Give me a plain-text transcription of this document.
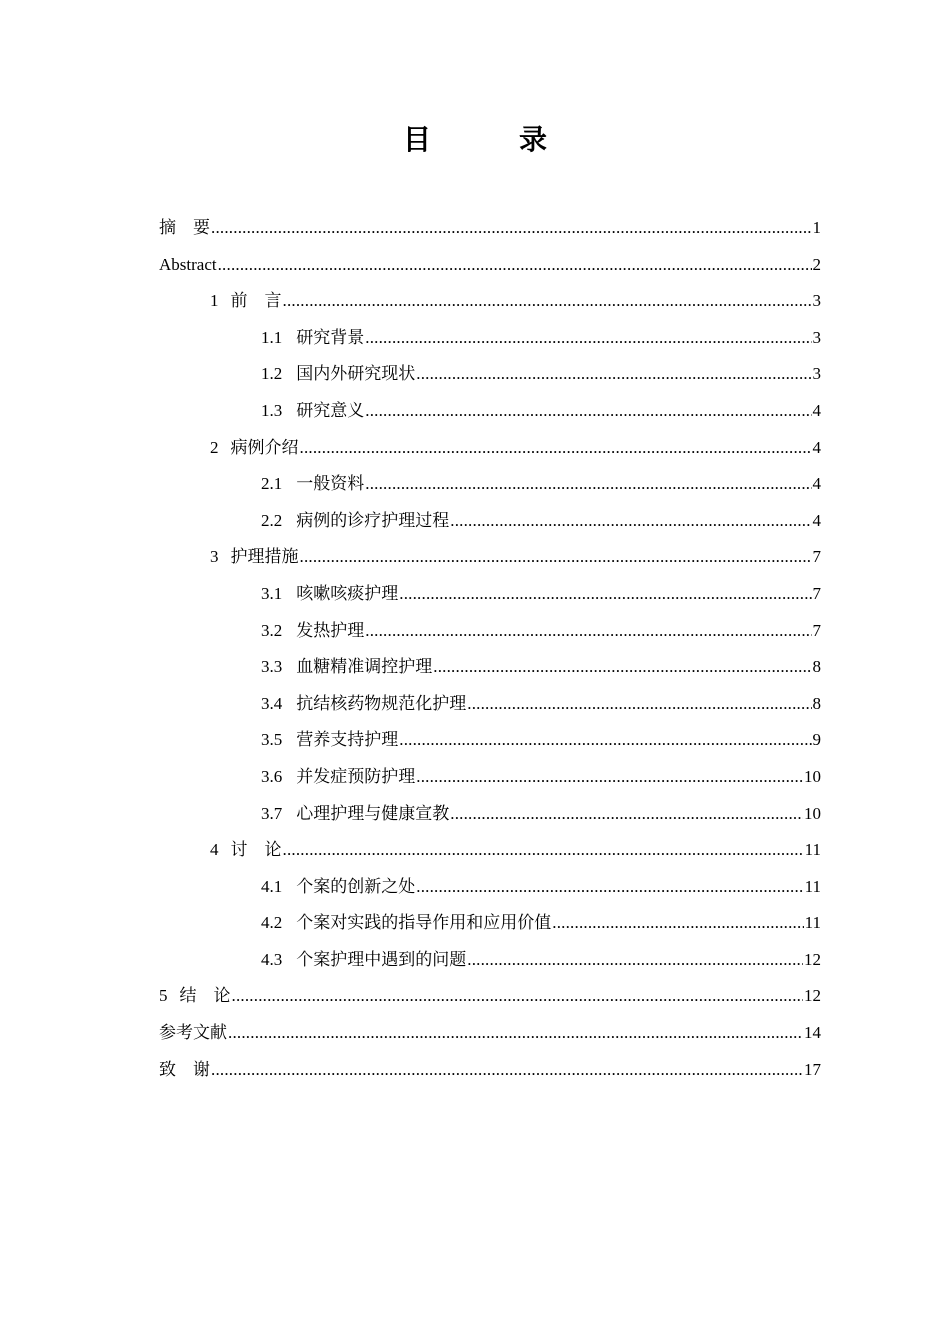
目　录
摘　要 .....	1
Abstract .....	2
1 前　言 .....	3
1.1 研究背景 .....	3
1.2 国内外研究现状 .....	3
1.3 研究意义 .....	4
2 病例介绍 .....	4
2.1 一般资料 .....	4
2.2 病例的诊疗护理过程 .....	4
3 护理措施 .....	7
3.1 咳嗽咳痰护理 .....	7
3.2 发热护理 .....	7
3.3 血糖精准调控护理 .....	8
3.4 抗结核药物规范化护理 .....	8
3.5 营养支持护理 .....	9
3.6 并发症预防护理 .....	10
3.7 心理护理与健康宣教 .....	10
4 讨　论 .....	11
4.1 个案的创新之处 .....	11
4.2 个案对实践的指导作用和应用价值 .....	11
4.3 个案护理中遇到的问题 .....	12
5 结　论 .....	12
参考文献 .....	14
致　谢 .....	17
